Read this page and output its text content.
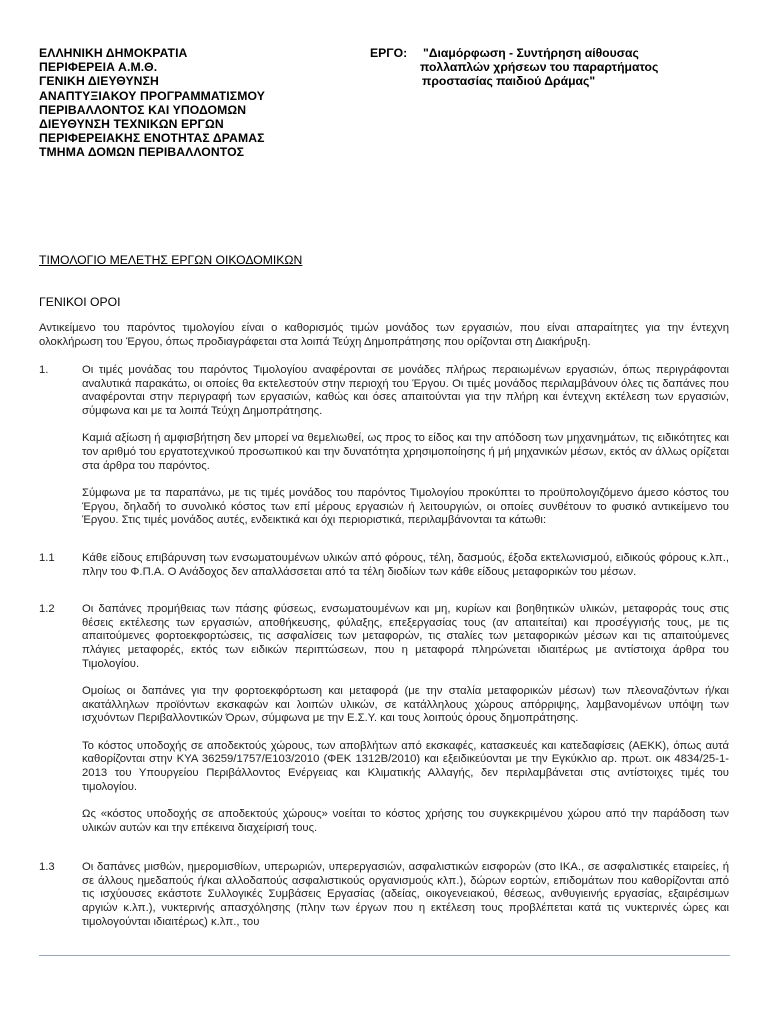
ΕΛΛΗΝΙΚΗ ΔΗΜΟΚΡΑΤΙΑ
ΠΕΡΙΦΕΡΕΙΑ Α.Μ.Θ.
ΓΕΝΙΚΗ ΔΙΕΥΘΥΝΣΗ
ΑΝΑΠΤΥΞΙΑΚΟΥ ΠΡΟΓΡΑΜΜΑΤΙΣΜΟΥ
ΠΕΡΙΒΑΛΛΟΝΤΟΣ ΚΑΙ ΥΠΟΔΟΜΩΝ
ΔΙΕΥΘΥΝΣΗ ΤΕΧΝΙΚΩΝ ΕΡΓΩΝ
ΠΕΡΙΦΕΡΕΙΑΚΗΣ ΕΝΟΤΗΤΑΣ ΔΡΑΜΑΣ
ΤΜΗΜΑ ΔΟΜΩΝ ΠΕΡΙΒΑΛΛΟΝΤΟΣ
ΕΡΓΟ: "Διαμόρφωση - Συντήρηση αίθουσας
πολλαπλών χρήσεων του παραρτήματος
προστασίας παιδιού Δράμας"
ΤΙΜΟΛΟΓΙΟ ΜΕΛΕΤΗΣ ΕΡΓΩΝ ΟΙΚΟΔΟΜΙΚΩΝ
ΓΕΝΙΚΟΙ ΟΡΟΙ
Αντικείμενο του παρόντος τιμολογίου είναι ο καθορισμός τιμών μονάδος των εργασιών, που είναι απαραίτητες για την έντεχνη ολοκλήρωση του Έργου, όπως προδιαγράφεται στα λοιπά Τεύχη Δημοπράτησης που ορίζονται στη Διακήρυξη.
1.	Οι τιμές μονάδας του παρόντος Τιμολογίου αναφέρονται σε μονάδες πλήρως περαιωμένων εργασιών, όπως περιγράφονται αναλυτικά παρακάτω, οι οποίες θα εκτελεστούν στην περιοχή του Έργου. Οι τιμές μονάδος περιλαμβάνουν όλες τις δαπάνες που αναφέρονται στην περιγραφή των εργασιών, καθώς και όσες απαιτούνται για την πλήρη και έντεχνη εκτέλεση των εργασιών, σύμφωνα και με τα λοιπά Τεύχη Δημοπράτησης.

Καμιά αξίωση ή αμφισβήτηση δεν μπορεί να θεμελιωθεί, ως προς το είδος και την απόδοση των μηχανημάτων, τις ειδικότητες και τον αριθμό του εργατοτεχνικού προσωπικού και την δυνατότητα χρησιμοποίησης ή μή μηχανικών μέσων, εκτός αν άλλως ορίζεται στα άρθρα του παρόντος.

Σύμφωνα με τα παραπάνω, με τις τιμές μονάδος του παρόντος Τιμολογίου προκύπτει το προϋπολογιζόμενο άμεσο κόστος του Έργου, δηλαδή το συνολικό κόστος των επί μέρους εργασιών ή λειτουργιών, οι οποίες συνθέτουν το φυσικό αντικείμενο του Έργου. Στις τιμές μονάδος αυτές, ενδεικτικά και όχι περιοριστικά, περιλαμβάνονται τα κάτωθι:

1.1 Κάθε είδους επιβάρυνση των ενσωματουμένων υλικών από φόρους, τέλη, δασμούς, έξοδα εκτελωνισμού, ειδικούς φόρους κ.λπ., πλην του Φ.Π.Α. Ο Ανάδοχος δεν απαλλάσσεται από τα τέλη διοδίων των κάθε είδους μεταφορικών του μέσων.

1.2 Οι δαπάνες προμήθειας των πάσης φύσεως, ενσωματουμένων και μη, κυρίων και βοηθητικών υλικών, μεταφοράς τους στις θέσεις εκτέλεσης των εργασιών, αποθήκευσης, φύλαξης, επεξεργασίας τους (αν απαιτείται) και προσέγγισής τους, με τις απαιτούμενες φορτοεκφορτώσεις, τις ασφαλίσεις των μεταφορών, τις σταλίες των μεταφορικών μέσων και τις απαιτούμενες πλάγιες μεταφορές, εκτός των ειδικών περιπτώσεων, που η μεταφορά πληρώνεται ιδιαιτέρως με αντίστοιχα άρθρα του Τιμολογίου.

Ομοίως οι δαπάνες για την φορτοεκφόρτωση και μεταφορά (με την σταλία μεταφορικών μέσων) των πλεοναζόντων ή/και ακατάλληλων προϊόντων εκσκαφών και λοιπών υλικών, σε κατάλληλους χώρους απόρριψης, λαμβανομένων υπόψη των ισχυόντων Περιβαλλοντικών Όρων, σύμφωνα με την Ε.Σ.Υ. και τους λοιπούς όρους δημοπράτησης.

Το κόστος υποδοχής σε αποδεκτούς χώρους, των αποβλήτων από εκσκαφές, κατασκευές και κατεδαφίσεις (ΑΕΚΚ), όπως αυτά καθορίζονται στην ΚΥΑ 36259/1757/Ε103/2010 (ΦΕΚ 1312Β/2010) και εξειδικεύονται με την Εγκύκλιο αρ. πρωτ. οικ 4834/25-1-2013 του Υπουργείου Περιβάλλοντος Ενέργειας και Κλιματικής Αλλαγής, δεν περιλαμβάνεται στις αντίστοιχες τιμές του τιμολογίου.

Ως «κόστος υποδοχής σε αποδεκτούς χώρους» νοείται το κόστος χρήσης του συγκεκριμένου χώρου από την παράδοση των υλικών αυτών και την επέκεινα διαχείρισή τους.

1.3 Οι δαπάνες μισθών, ημερομισθίων, υπερωριών, υπερεργασιών, ασφαλιστικών εισφορών (στο ΙΚΑ., σε ασφαλιστικές εταιρείες, ή σε άλλους ημεδαπούς ή/και αλλοδαπούς ασφαλιστικούς οργανισμούς κλπ.), δώρων εορτών, επιδομάτων που καθορίζονται από τις ισχύουσες εκάστοτε Συλλογικές Συμβάσεις Εργασίας (αδείας, οικογενειακού, θέσεως, ανθυγιεινής εργασίας, εξαιρέσιμων αργιών κ.λπ.), νυκτερινής απασχόλησης (πλην των έργων που η εκτέλεση τους προβλέπεται κατά τις νυκτερινές ώρες και τιμολογούνται ιδιαιτέρως) κ.λπ., του
